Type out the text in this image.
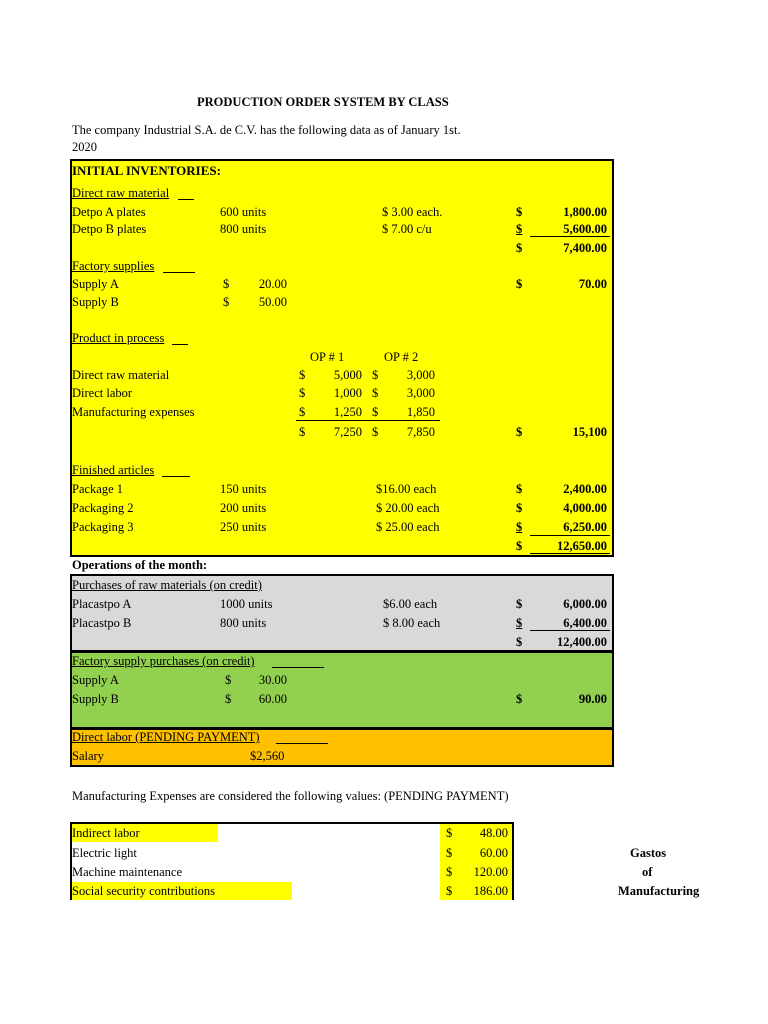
PRODUCTION ORDER SYSTEM BY CLASS
The company Industrial S.A. de C.V. has the following data as of January 1st.
2020
INITIAL INVENTORIES:
Direct raw material
Detpo A plates	600 units	$ 3.00 each.	$	1,800.00
Detpo B plates	800 units	$ 7.00 c/u	$	5,600.00
$	7,400.00
Factory supplies
Supply A	$	20.00	$	70.00
Supply B	$	50.00
Product in process
OP # 1	OP # 2
Direct raw material	$	5,000 $	3,000
Direct labor	$	1,000 $	3,000
Manufacturing expenses	$	1,250 $	1,850
$	7,250 $	7,850	$	15,100
Finished articles
Package 1	150 units	$16.00 each	$	2,400.00
Packaging 2	200 units	$ 20.00 each	$	4,000.00
Packaging 3	250 units	$ 25.00 each	$	6,250.00
$	12,650.00
Operations of the month:
Purchases of raw materials (on credit)
Placastpo A	1000 units	$6.00 each	$	6,000.00
Placastpo B	800 units	$ 8.00 each	$	6,400.00
$	12,400.00
Factory supply purchases (on credit)
Supply A	$	30.00
Supply B	$	60.00	$	90.00
Direct labor (PENDING PAYMENT)
Salary	$2,560
Manufacturing Expenses are considered the following values: (PENDING PAYMENT)
Indirect labor	$	48.00
Electric light	$	60.00
Machine maintenance	$	120.00
Social security contributions	$	186.00
Gastos
of
Manufacturing
